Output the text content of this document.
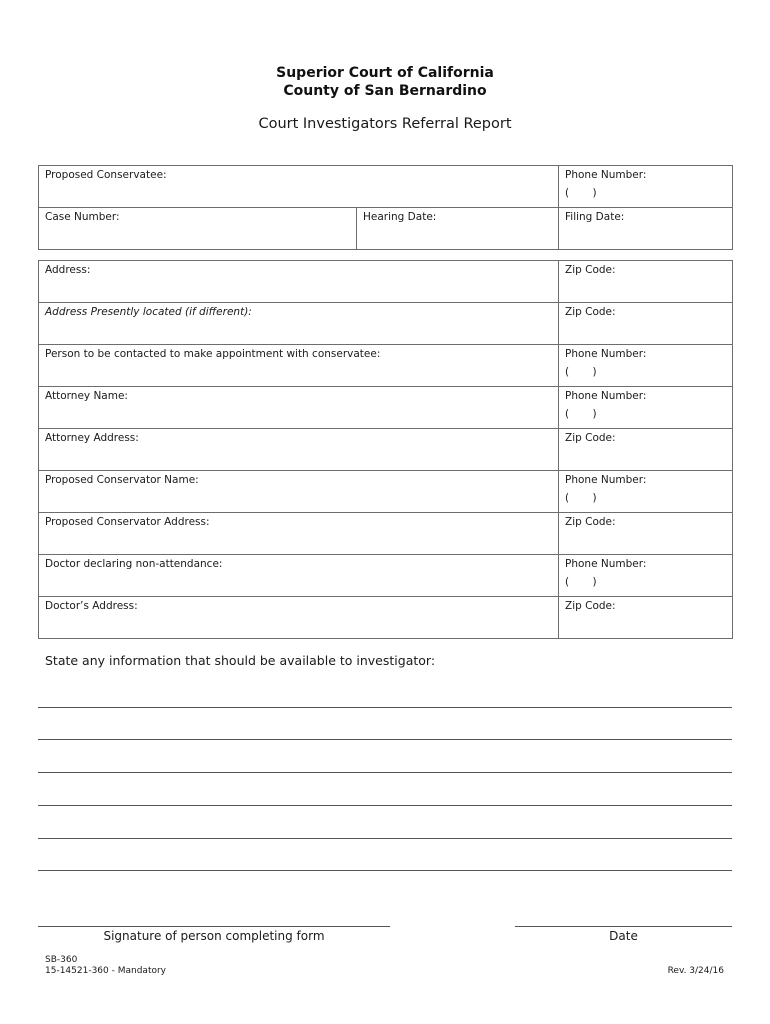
Superior Court of California
County of San Bernardino
Court Investigators Referral Report
Proposed Conservatee:		Phone Number:
(       )

Case Number:	Hearing Date:	Filing Date:
Address:	Zip Code:

Address Presently located (if different):	Zip Code:

Person to be contacted to make appointment with conservatee:	Phone Number:
(       )

Attorney Name:	Phone Number:
(       )

Attorney Address:	Zip Code:

Proposed Conservator Name:	Phone Number:
(       )

Proposed Conservator Address:	Zip Code:

Doctor declaring non-attendance:	Phone Number:
(       )

Doctor’s Address:	Zip Code:
State any information that should be available to investigator:
Signature of person completing form	Date
SB-360
15-14521-360 - Mandatory	Rev. 3/24/16
